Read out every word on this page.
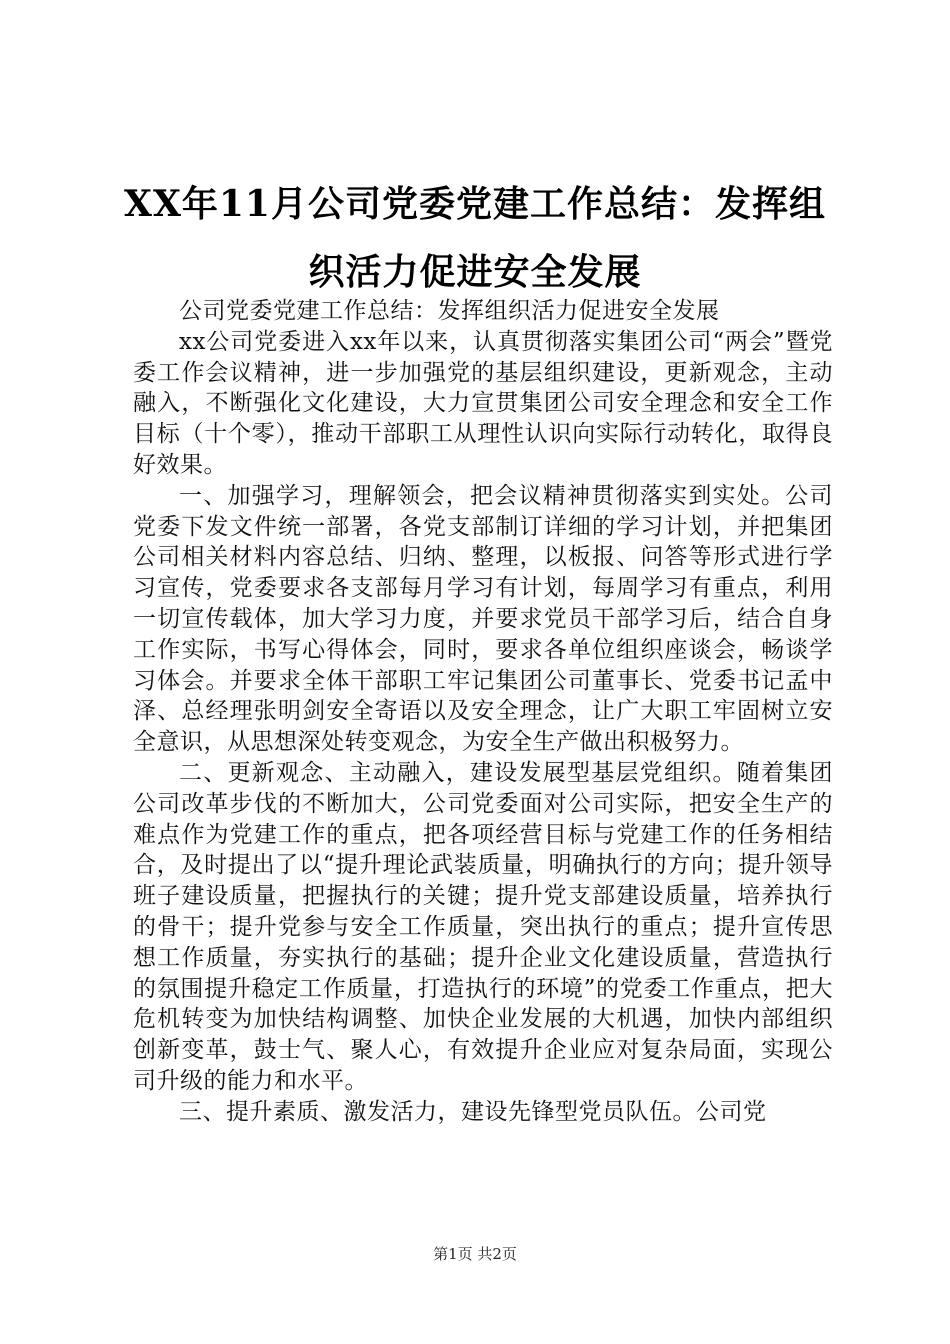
XX年11月公司党委党建工作总结：发挥组织活力促进安全发展

公司党委党建工作总结：发挥组织活力促进安全发展

xx公司党委进入xx年以来，认真贯彻落实集团公司“两会”暨党委工作会议精神，进一步加强党的基层组织建设，更新观念，主动融入，不断强化文化建设，大力宣贯集团公司安全理念和安全工作目标（十个零），推动干部职工从理性认识向实际行动转化，取得良好效果。

一、加强学习，理解领会，把会议精神贯彻落实到实处。公司党委下发文件统一部署，各党支部制订详细的学习计划，并把集团公司相关材料内容总结、归纳、整理，以板报、问答等形式进行学习宣传，党委要求各支部每月学习有计划，每周学习有重点，利用一切宣传载体，加大学习力度，并要求党员干部学习后，结合自身工作实际，书写心得体会，同时，要求各单位组织座谈会，畅谈学习体会。并要求全体干部职工牢记集团公司董事长、党委书记孟中泽、总经理张明剑安全寄语以及安全理念，让广大职工牢固树立安全意识，从思想深处转变观念，为安全生产做出积极努力。

二、更新观念、主动融入，建设发展型基层党组织。随着集团公司改革步伐的不断加大，公司党委面对公司实际，把安全生产的难点作为党建工作的重点，把各项经营目标与党建工作的任务相结合，及时提出了以“提升理论武装质量，明确执行的方向；提升领导班子建设质量，把握执行的关键；提升党支部建设质量，培养执行的骨干；提升党参与安全工作质量，突出执行的重点；提升宣传思想工作质量，夯实执行的基础；提升企业文化建设质量，营造执行的氛围提升稳定工作质量，打造执行的环境”的党委工作重点，把大危机转变为加快结构调整、加快企业发展的大机遇，加快内部组织创新变革，鼓士气、聚人心，有效提升企业应对复杂局面，实现公司升级的能力和水平。

三、提升素质、激发活力，建设先锋型党员队伍。公司党

第1页 共2页
